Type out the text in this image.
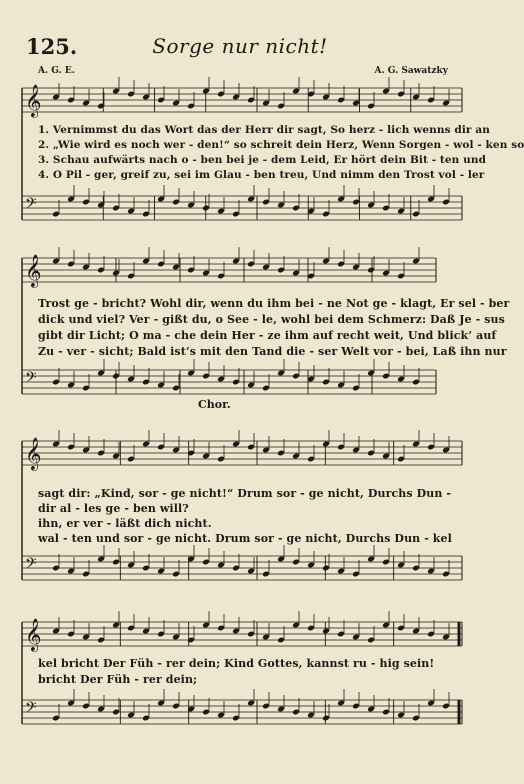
125.	Sorge nur nicht!
A. G. E.	A. G. Sawatzky
𝄞
𝄢
𝄞
𝄢
𝄞
𝄢
𝄞
𝄢
1. Vernimmst du das Wort das der Herr dir sagt, So herz - lich wenns dir an
2. „Wie wird es noch wer - den!“ so schreit dein Herz, Wenn Sorgen - wol - ken so
3. Schau aufwärts nach o - ben bei je - dem Leid, Er hört dein Bit - ten und
4. O Pil - ger, greif zu, sei im Glau - ben treu, Und nimm den Trost vol - ler
Trost ge - bricht? Wohl dir, wenn du ihm bei - ne Not ge - klagt, Er sel - ber
dick und viel? Ver - gißt du, o See - le, wohl bei dem Schmerz: Daß Je - sus
gibt dir Licht; O ma - che dein Her - ze ihm auf recht weit, Und blick’ auf
Zu - ver - sicht; Bald ist’s mit den Tand die - ser Welt vor - bei, Laß ihn nur
Chor.
sagt dir: „Kind, sor - ge nicht!“ Drum sor - ge nicht, Durchs Dun -
dir al - les ge - ben will?
ihn, er ver - läßt dich nicht.
wal - ten und sor - ge nicht. Drum sor - ge nicht, Durchs Dun - kel
kel bricht Der Füh - rer dein; Kind Gottes, kannst ru - hig sein!
bricht Der Füh - rer dein;
